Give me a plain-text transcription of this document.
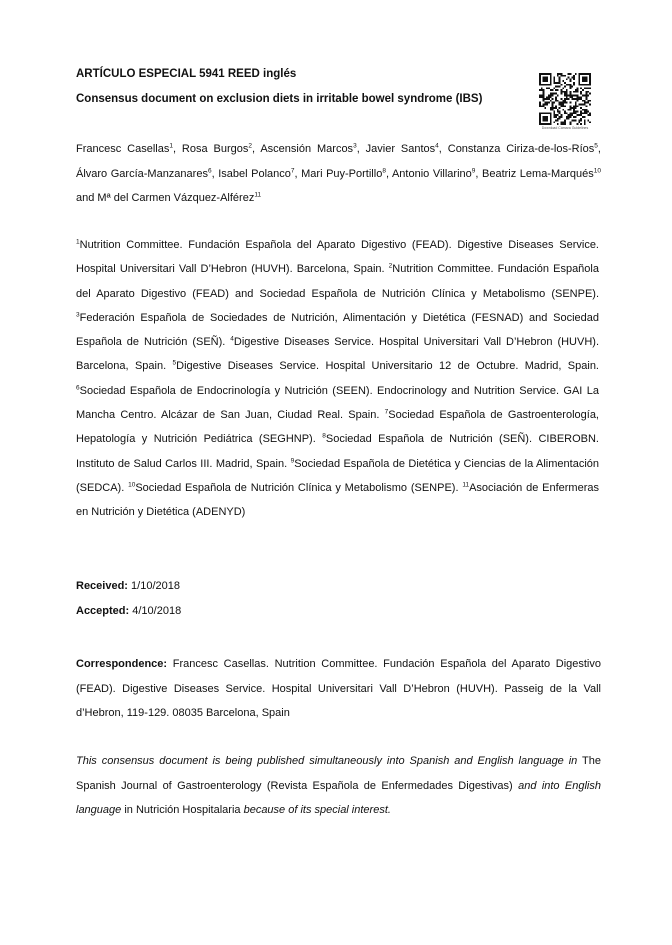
ARTÍCULO ESPECIAL 5941 REED inglés

Consensus document on exclusion diets in irritable bowel syndrome (IBS)

Download Cámara Guidelines
Francesc Casellas$^1$, Rosa Burgos$^2$, Ascensión Marcos$^3$, Javier Santos$^4$, Constanza Ciriza-de-los-Ríos$^5$, Álvaro García-Manzanares$^6$, Isabel Polanco$^7$, Mari Puy-Portillo$^8$, Antonio Villarino$^9$, Beatriz Lema-Marqués$^{10}$ and Mª del Carmen Vázquez-Alférez$^{11}$
$^1$Nutrition Committee. Fundación Española del Aparato Digestivo (FEAD). Digestive Diseases Service. Hospital Universitari Vall D’Hebron (HUVH). Barcelona, Spain. $^2$Nutrition Committee. Fundación Española del Aparato Digestivo (FEAD) and Sociedad Española de Nutrición Clínica y Metabolismo (SENPE). $^3$Federación Española de Sociedades de Nutrición, Alimentación y Dietética (FESNAD) and Sociedad Española de Nutrición (SEÑ). $^4$Digestive Diseases Service. Hospital Universitari Vall D’Hebron (HUVH). Barcelona, Spain. $^5$Digestive Diseases Service. Hospital Universitario 12 de Octubre. Madrid, Spain. $^6$Sociedad Española de Endocrinología y Nutrición (SEEN). Endocrinology and Nutrition Service. GAI La Mancha Centro. Alcázar de San Juan, Ciudad Real. Spain. $^7$Sociedad Española de Gastroenterología, Hepatología y Nutrición Pediátrica (SEGHNP). $^8$Sociedad Española de Nutrición (SEÑ). CIBEROBN. Instituto de Salud Carlos III. Madrid, Spain. $^9$Sociedad Española de Dietética y Ciencias de la Alimentación (SEDCA). $^{10}$Sociedad Española de Nutrición Clínica y Metabolismo (SENPE). $^{11}$Asociación de Enfermeras en Nutrición y Dietética (ADENYD)
Received: 1/10/2018
Accepted: 4/10/2018
Correspondence: Francesc Casellas. Nutrition Committee. Fundación Española del Aparato Digestivo (FEAD). Digestive Diseases Service. Hospital Universitari Vall D’Hebron (HUVH). Passeig de la Vall d’Hebron, 119-129. 08035 Barcelona, Spain
This consensus document is being published simultaneously into Spanish and English language in The Spanish Journal of Gastroenterology (Revista Española de Enfermedades Digestivas) and into English language in Nutrición Hospitalaria because of its special interest.
